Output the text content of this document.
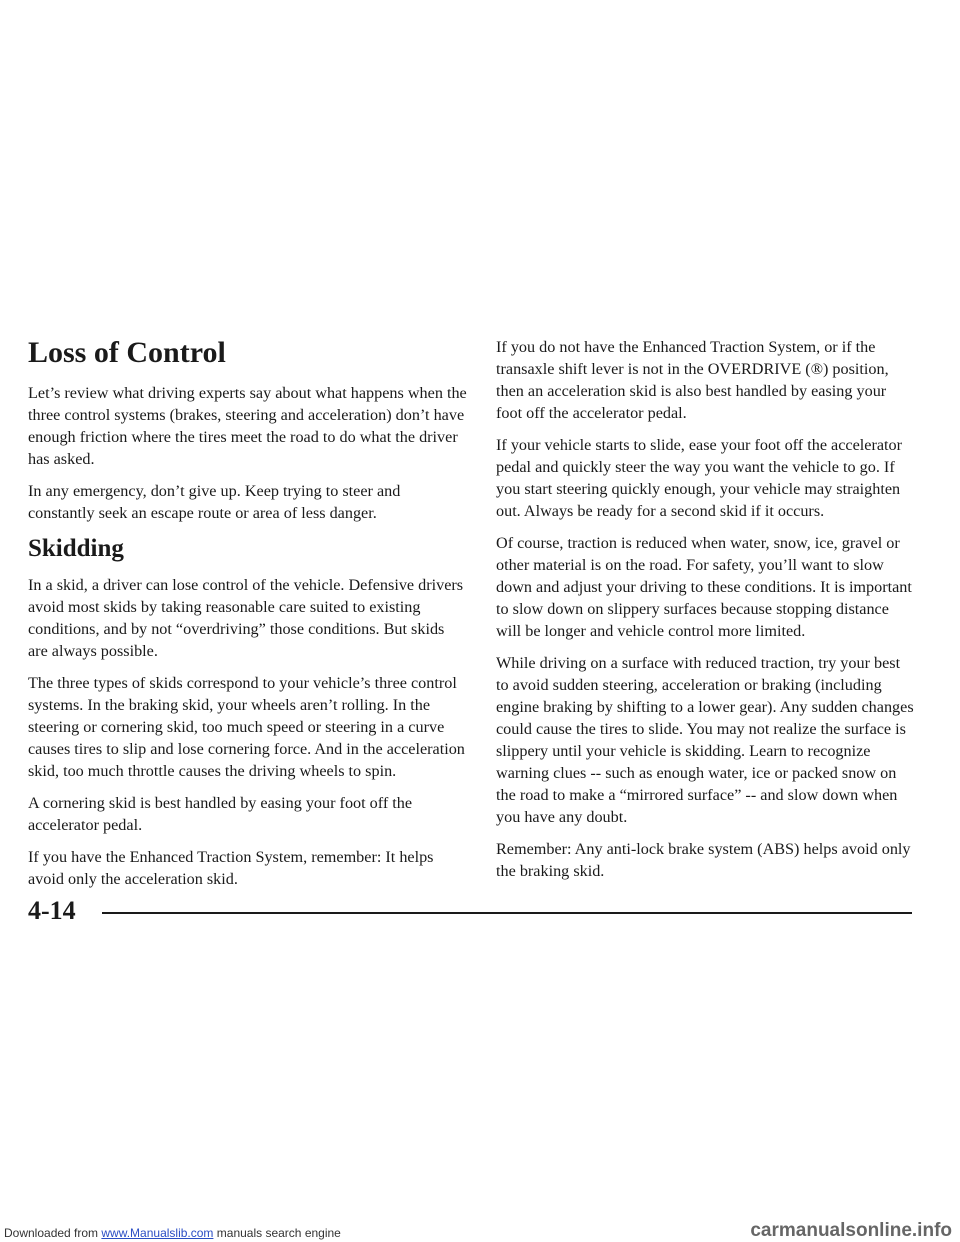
Loss of Control

Let’s review what driving experts say about what happens when the three control systems (brakes, steering and acceleration) don’t have enough friction where the tires meet the road to do what the driver has asked.

In any emergency, don’t give up. Keep trying to steer and constantly seek an escape route or area of less danger.

Skidding

In a skid, a driver can lose control of the vehicle. Defensive drivers avoid most skids by taking reasonable care suited to existing conditions, and by not “overdriving” those conditions. But skids are always possible.

The three types of skids correspond to your vehicle’s three control systems. In the braking skid, your wheels aren’t rolling. In the steering or cornering skid, too much speed or steering in a curve causes tires to slip and lose cornering force. And in the acceleration skid, too much throttle causes the driving wheels to spin.

A cornering skid is best handled by easing your foot off the accelerator pedal.

If you have the Enhanced Traction System, remember: It helps avoid only the acceleration skid.

If you do not have the Enhanced Traction System, or if the transaxle shift lever is not in the OVERDRIVE (®) position, then an acceleration skid is also best handled by easing your foot off the accelerator pedal.

If your vehicle starts to slide, ease your foot off the accelerator pedal and quickly steer the way you want the vehicle to go. If you start steering quickly enough, your vehicle may straighten out. Always be ready for a second skid if it occurs.

Of course, traction is reduced when water, snow, ice, gravel or other material is on the road. For safety, you’ll want to slow down and adjust your driving to these conditions. It is important to slow down on slippery surfaces because stopping distance will be longer and vehicle control more limited.

While driving on a surface with reduced traction, try your best to avoid sudden steering, acceleration or braking (including engine braking by shifting to a lower gear). Any sudden changes could cause the tires to slide. You may not realize the surface is slippery until your vehicle is skidding. Learn to recognize warning clues -- such as enough water, ice or packed snow on the road to make a “mirrored surface” -- and slow down when you have any doubt.

Remember: Any anti-lock brake system (ABS) helps avoid only the braking skid.

4-14
Downloaded from www.Manualslib.com manuals search engine	carmanualsonline.info
